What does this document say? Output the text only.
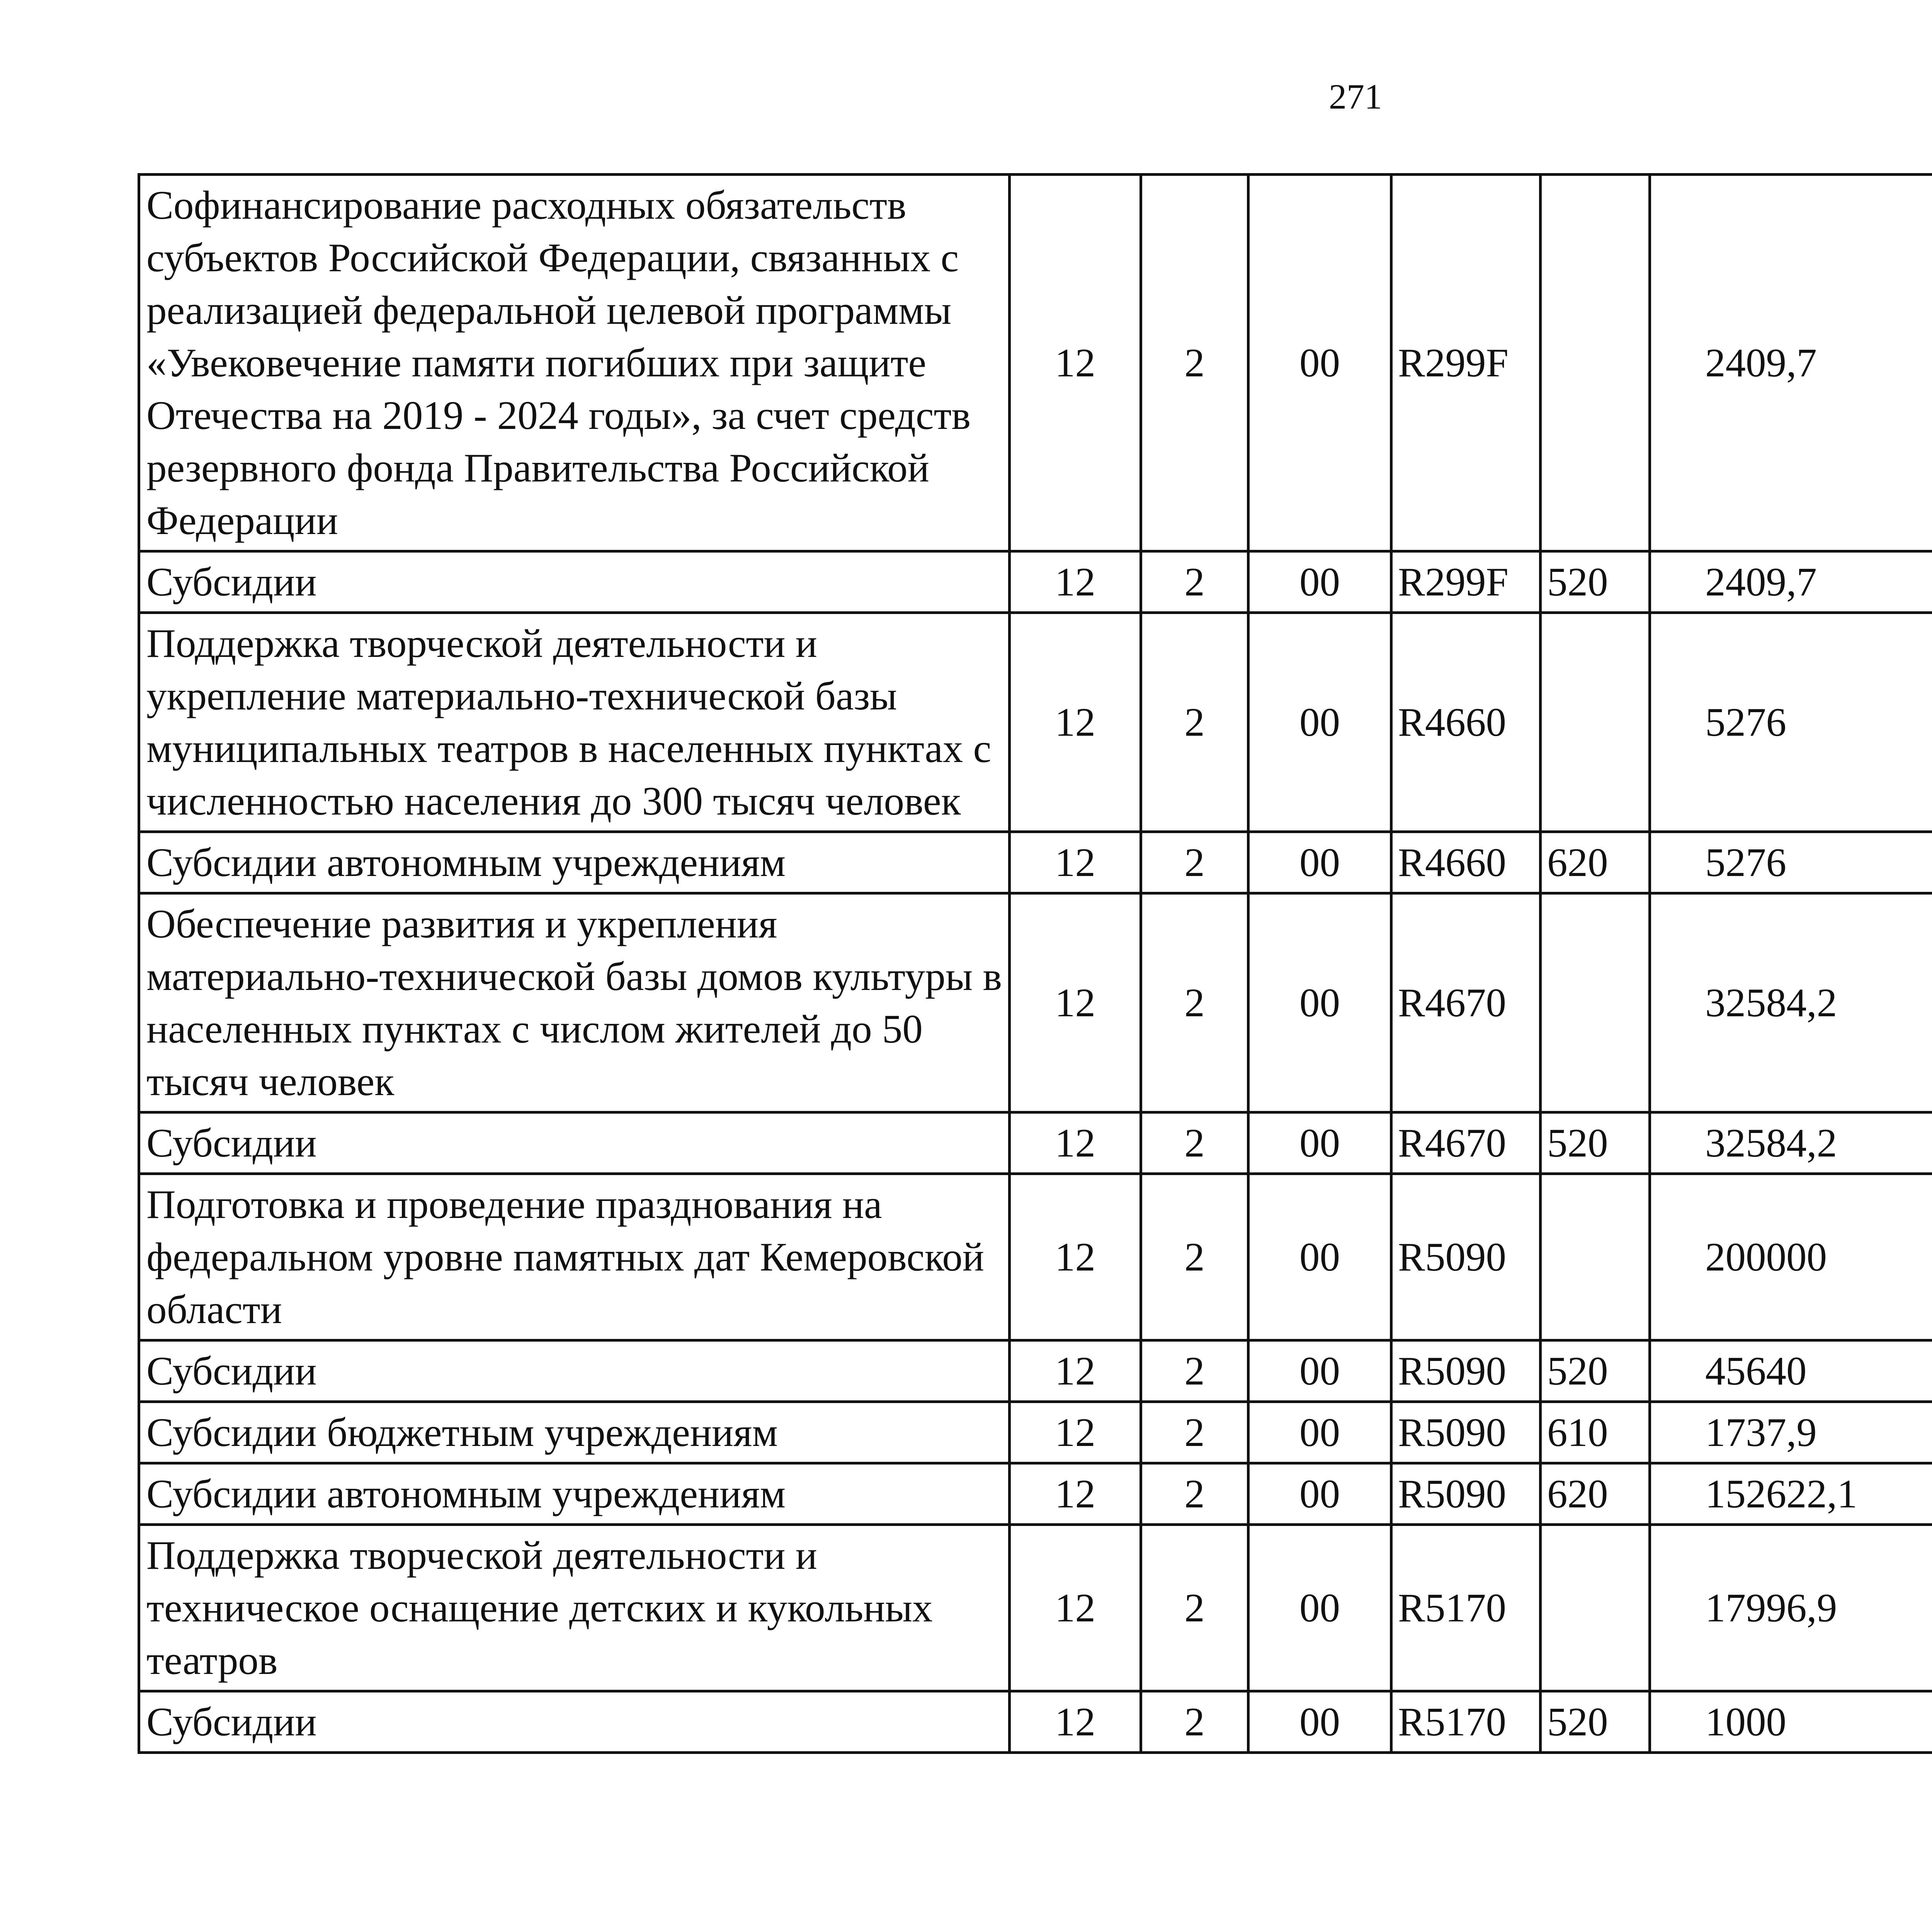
271
Софинансирование расходных обязательств субъектов Российской Федерации, связанных с реализацией федеральной целевой программы «Увековечение памяти погибших при защите Отечества на 2019 - 2024 годы», за счет средств резервного фонда Правительства Российской Федерации	12	2	00	R299F		2409,7		
Субсидии	12	2	00	R299F	520	2409,7		
Поддержка творческой деятельности и укрепление материально-технической базы муниципальных театров в населенных пунктах с численностью населения до 300 тысяч человек	12	2	00	R4660		5276		
Субсидии автономным учреждениям	12	2	00	R4660	620	5276		
Обеспечение развития и укрепления материально-технической базы домов культуры в населенных пунктах с числом жителей до 50 тысяч человек	12	2	00	R4670		32584,2		
Субсидии	12	2	00	R4670	520	32584,2		
Подготовка и проведение празднования на федеральном уровне памятных дат Кемеровской области	12	2	00	R5090		200000		
Субсидии	12	2	00	R5090	520	45640		
Субсидии бюджетным учреждениям	12	2	00	R5090	610	1737,9		
Субсидии автономным учреждениям	12	2	00	R5090	620	152622,1		
Поддержка творческой деятельности и техническое оснащение детских и кукольных театров	12	2	00	R5170		17996,9		
Субсидии	12	2	00	R5170	520	1000		
